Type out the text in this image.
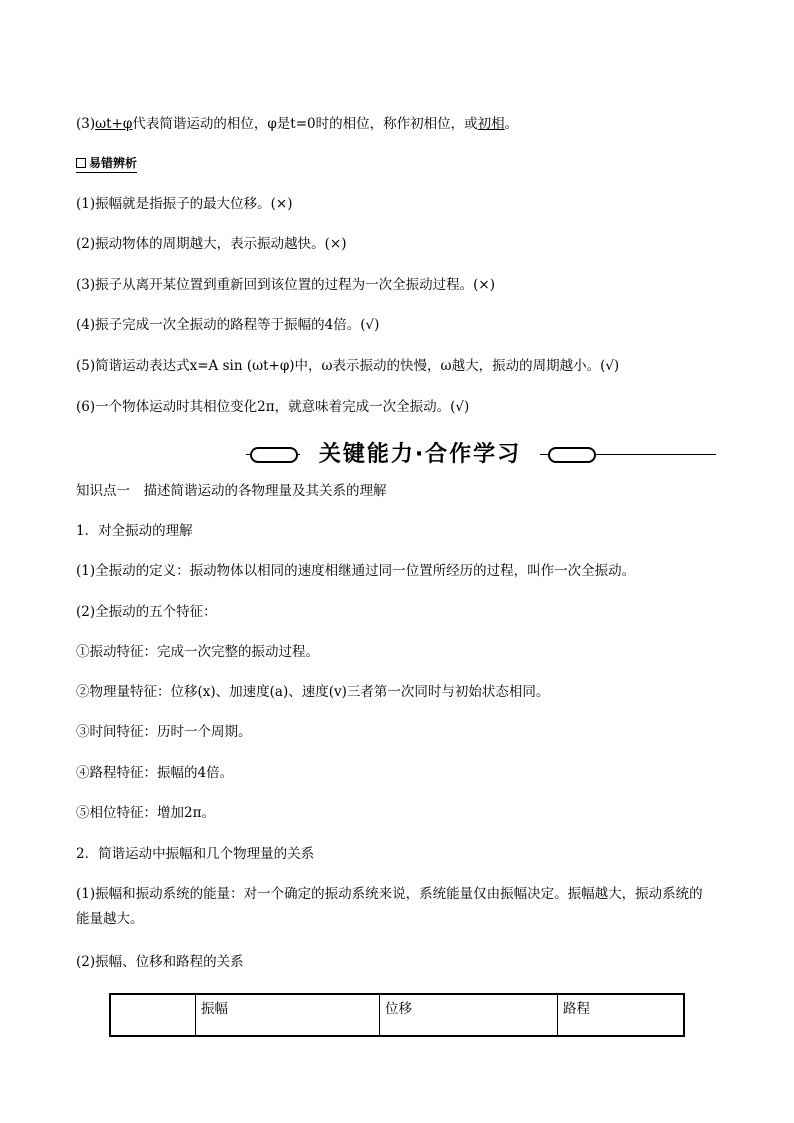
(3)ωt+φ代表简谐运动的相位，φ是t=0时的相位，称作初相位，或初相。
易错辨析
(1)振幅就是指振子的最大位移。(×)
(2)振动物体的周期越大，表示振动越快。(×)
(3)振子从离开某位置到重新回到该位置的过程为一次全振动过程。(×)
(4)振子完成一次全振动的路程等于振幅的4倍。(√)
(5)简谐运动表达式x=A sin (ωt+φ)中，ω表示振动的快慢，ω越大，振动的周期越小。(√)
(6)一个物体运动时其相位变化2π，就意味着完成一次全振动。(√)
关键能力·合作学习
知识点一　描述简谐运动的各物理量及其关系的理解
1．对全振动的理解
(1)全振动的定义：振动物体以相同的速度相继通过同一位置所经历的过程，叫作一次全振动。
(2)全振动的五个特征：
①振动特征：完成一次完整的振动过程。
②物理量特征：位移(x)、加速度(a)、速度(v)三者第一次同时与初始状态相同。
③时间特征：历时一个周期。
④路程特征：振幅的4倍。
⑤相位特征：增加2π。
2．简谐运动中振幅和几个物理量的关系
(1)振幅和振动系统的能量：对一个确定的振动系统来说，系统能量仅由振幅决定。振幅越大，振动系统的能量越大。
(2)振幅、位移和路程的关系
	振幅	位移	路程
